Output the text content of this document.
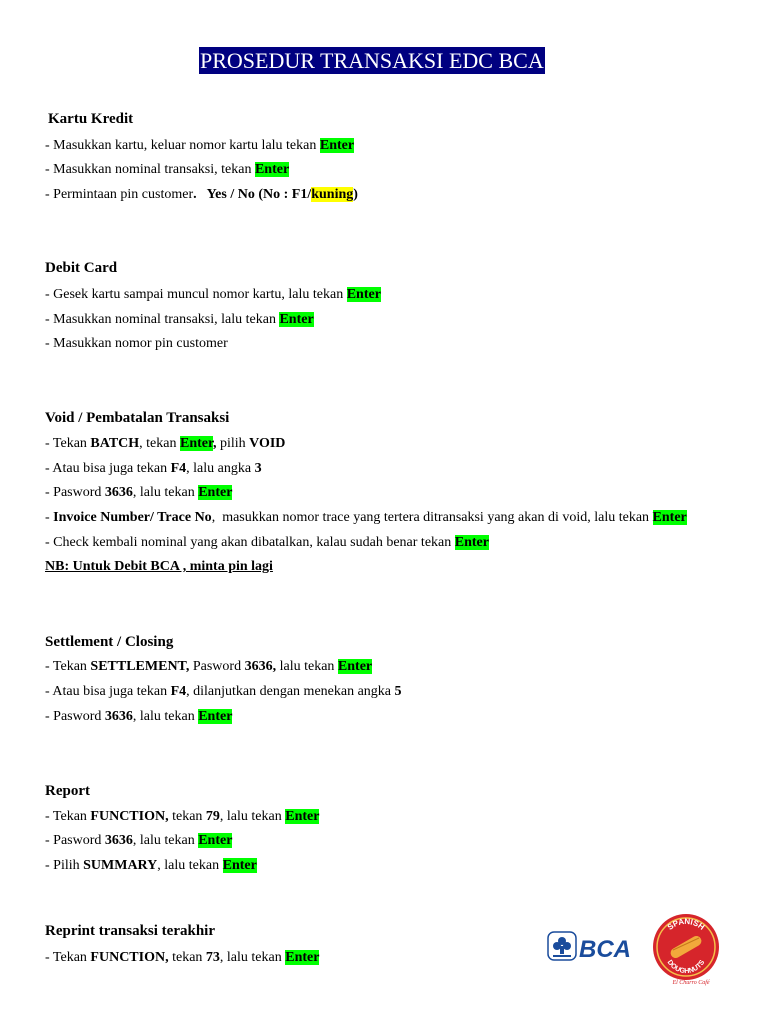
PROSEDUR TRANSAKSI EDC BCA
Kartu Kredit
- Masukkan kartu, keluar nomor kartu lalu tekan Enter
- Masukkan nominal transaksi, tekan Enter
- Permintaan pin customer.   Yes / No (No : F1/kuning)
Debit Card
- Gesek kartu sampai muncul nomor kartu, lalu tekan Enter
- Masukkan nominal transaksi, lalu tekan Enter
- Masukkan nomor pin customer
Void / Pembatalan Transaksi
- Tekan BATCH, tekan Enter, pilih VOID
- Atau bisa juga tekan F4, lalu angka 3
- Pasword 3636, lalu tekan Enter
- Invoice Number/ Trace No,  masukkan nomor trace yang tertera ditransaksi yang akan di void, lalu tekan Enter
- Check kembali nominal yang akan dibatalkan, kalau sudah benar tekan Enter
NB: Untuk Debit BCA , minta pin lagi
Settlement / Closing
- Tekan SETTLEMENT, Pasword 3636, lalu tekan Enter
- Atau bisa juga tekan F4, dilanjutkan dengan menekan angka 5
- Pasword 3636, lalu tekan Enter
Report
- Tekan FUNCTION, tekan 79, lalu tekan Enter
- Pasword 3636, lalu tekan Enter
- Pilih SUMMARY, lalu tekan Enter
Reprint transaksi terakhir
- Tekan FUNCTION, tekan 73, lalu tekan Enter	BCA
SPANISH
DOUGHNUTS
El Churro Café
